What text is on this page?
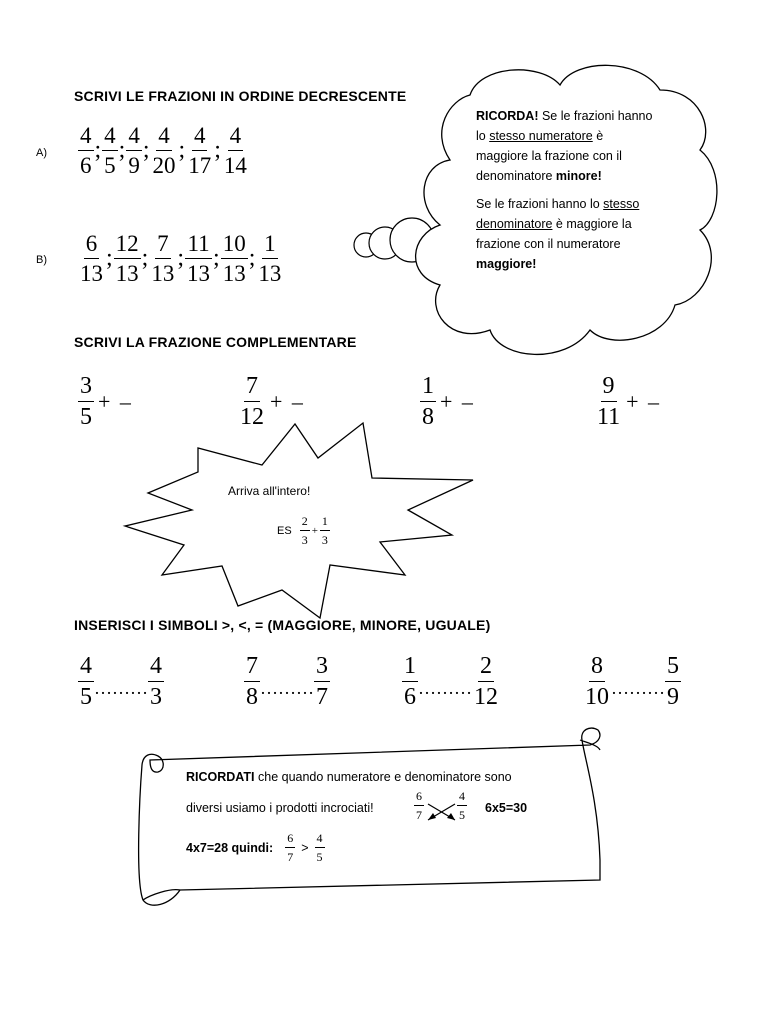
SCRIVI LE FRAZIONI IN ORDINE DECRESCENTE
$A) \frac{4}{6}$ ; $\frac{4}{5}$ ; $\frac{4}{9}$ ; $\frac{4}{20}$ ; $\frac{4}{17}$ ; $\frac{4}{14}$
$B) \frac{6}{13}$ ; $\frac{12}{13}$ ; $\frac{7}{13}$ ; $\frac{11}{13}$ ; $\frac{10}{13}$ ; $\frac{1}{13}$

RICORDA! Se le frazioni hanno lo stesso numeratore è maggiore la frazione con il denominatore minore!

Se le frazioni hanno lo stesso denominatore è maggiore la frazione con il numeratore maggiore!

SCRIVI LA FRAZIONE COMPLEMENTARE
$\frac{3}{5}$ + –	$\frac{7}{12}$ + –	$\frac{1}{8}$ + –	$\frac{9}{11}$ + –
Arriva all'intero!
ES $\frac{2}{3} + \frac{1}{3}$
INSERISCI I SIMBOLI >, <, = (MAGGIORE, MINORE, UGUALE)
$\frac{4}{5}$ ……… $\frac{4}{3}$	$\frac{7}{8}$ ……… $\frac{3}{7}$	$\frac{1}{6}$ ……… $\frac{2}{12}$	$\frac{8}{10}$ ……… $\frac{5}{9}$
RICORDATI che quando numeratore e denominatore sono
diversi usiamo i prodotti incrociati!	$\frac{6}{7}$	$\frac{4}{5} 6x5=30$
4x7=28 quindi: $\frac{6}{7} > \frac{4}{5}$
